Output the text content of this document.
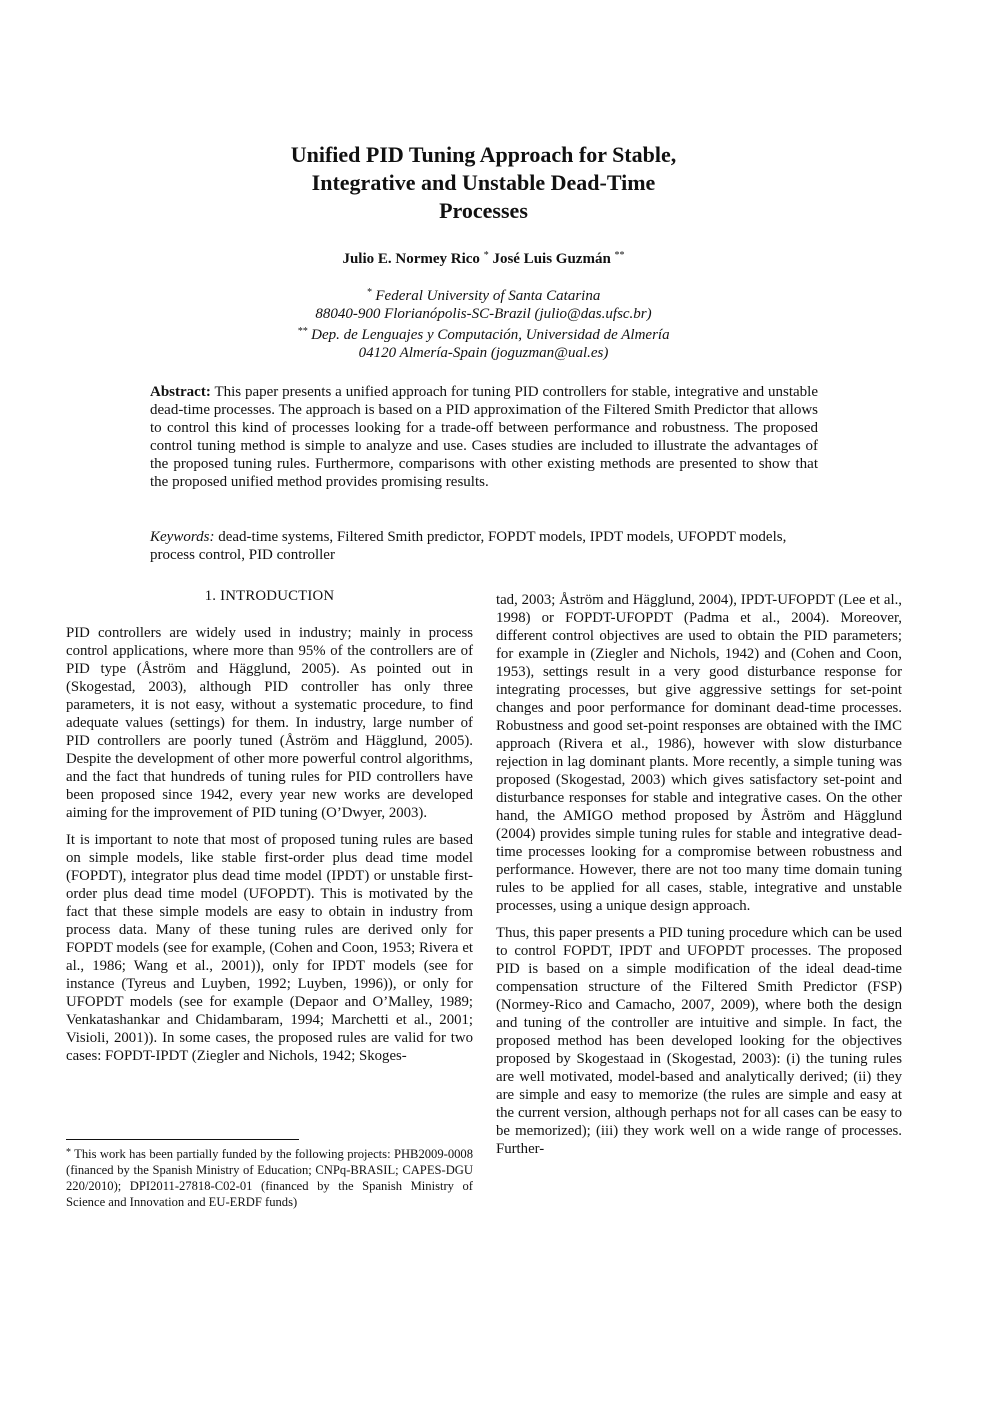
Unified PID Tuning Approach for Stable,
Integrative and Unstable Dead-Time
Processes
Julio E. Normey Rico * José Luis Guzmán **
* Federal University of Santa Catarina
88040-900 Florianópolis-SC-Brazil (julio@das.ufsc.br)
** Dep. de Lenguajes y Computación, Universidad de Almería
04120 Almería-Spain (joguzman@ual.es)
Abstract: This paper presents a unified approach for tuning PID controllers for stable, integrative and unstable dead-time processes. The approach is based on a PID approximation of the Filtered Smith Predictor that allows to control this kind of processes looking for a trade-off between performance and robustness. The proposed control tuning method is simple to analyze and use. Cases studies are included to illustrate the advantages of the proposed tuning rules. Furthermore, comparisons with other existing methods are presented to show that the proposed unified method provides promising results.
Keywords: dead-time systems, Filtered Smith predictor, FOPDT models, IPDT models, UFOPDT models, process control, PID controller
1. INTRODUCTION

PID controllers are widely used in industry; mainly in process control applications, where more than 95% of the controllers are of PID type (Åström and Hägglund, 2005). As pointed out in (Skogestad, 2003), although PID controller has only three parameters, it is not easy, without a systematic procedure, to find adequate values (settings) for them. In industry, large number of PID controllers are poorly tuned (Åström and Hägglund, 2005). Despite the development of other more powerful control algorithms, and the fact that hundreds of tuning rules for PID controllers have been proposed since 1942, every year new works are developed aiming for the improvement of PID tuning (O’Dwyer, 2003).

It is important to note that most of proposed tuning rules are based on simple models, like stable first-order plus dead time model (FOPDT), integrator plus dead time model (IPDT) or unstable first-order plus dead time model (UFOPDT). This is motivated by the fact that these simple models are easy to obtain in industry from process data. Many of these tuning rules are derived only for FOPDT models (see for example, (Cohen and Coon, 1953; Rivera et al., 1986; Wang et al., 2001)), only for IPDT models (see for instance (Tyreus and Luyben, 1992; Luyben, 1996)), or only for UFOPDT models (see for example (Depaor and O’Malley, 1989; Venkatashankar and Chidambaram, 1994; Marchetti et al., 2001; Visioli, 2001)). In some cases, the proposed rules are valid for two cases: FOPDT-IPDT (Ziegler and Nichols, 1942; Skoges-

tad, 2003; Åström and Hägglund, 2004), IPDT-UFOPDT (Lee et al., 1998) or FOPDT-UFOPDT (Padma et al., 2004). Moreover, different control objectives are used to obtain the PID parameters; for example in (Ziegler and Nichols, 1942) and (Cohen and Coon, 1953), settings result in a very good disturbance response for integrating processes, but give aggressive settings for set-point changes and poor performance for dominant dead-time processes. Robustness and good set-point responses are obtained with the IMC approach (Rivera et al., 1986), however with slow disturbance rejection in lag dominant plants. More recently, a simple tuning was proposed (Skogestad, 2003) which gives satisfactory set-point and disturbance responses for stable and integrative cases. On the other hand, the AMIGO method proposed by Åström and Hägglund (2004) provides simple tuning rules for stable and integrative dead-time processes looking for a compromise between robustness and performance. However, there are not too many time domain tuning rules to be applied for all cases, stable, integrative and unstable processes, using a unique design approach.

Thus, this paper presents a PID tuning procedure which can be used to control FOPDT, IPDT and UFOPDT processes. The proposed PID is based on a simple modification of the ideal dead-time compensation structure of the Filtered Smith Predictor (FSP) (Normey-Rico and Camacho, 2007, 2009), where both the design and tuning of the controller are intuitive and simple. In fact, the proposed method has been developed looking for the objectives proposed by Skogestaad in (Skogestad, 2003): (i) the tuning rules are well motivated, model-based and analytically derived; (ii) they are simple and easy to memorize (the rules are simple and easy at the current version, although perhaps not for all cases can be easy to be memorized); (iii) they work well on a wide range of processes. Further-

* This work has been partially funded by the following projects: PHB2009-0008 (financed by the Spanish Ministry of Education; CNPq-BRASIL; CAPES-DGU 220/2010); DPI2011-27818-C02-01 (financed by the Spanish Ministry of Science and Innovation and EU-ERDF funds)
